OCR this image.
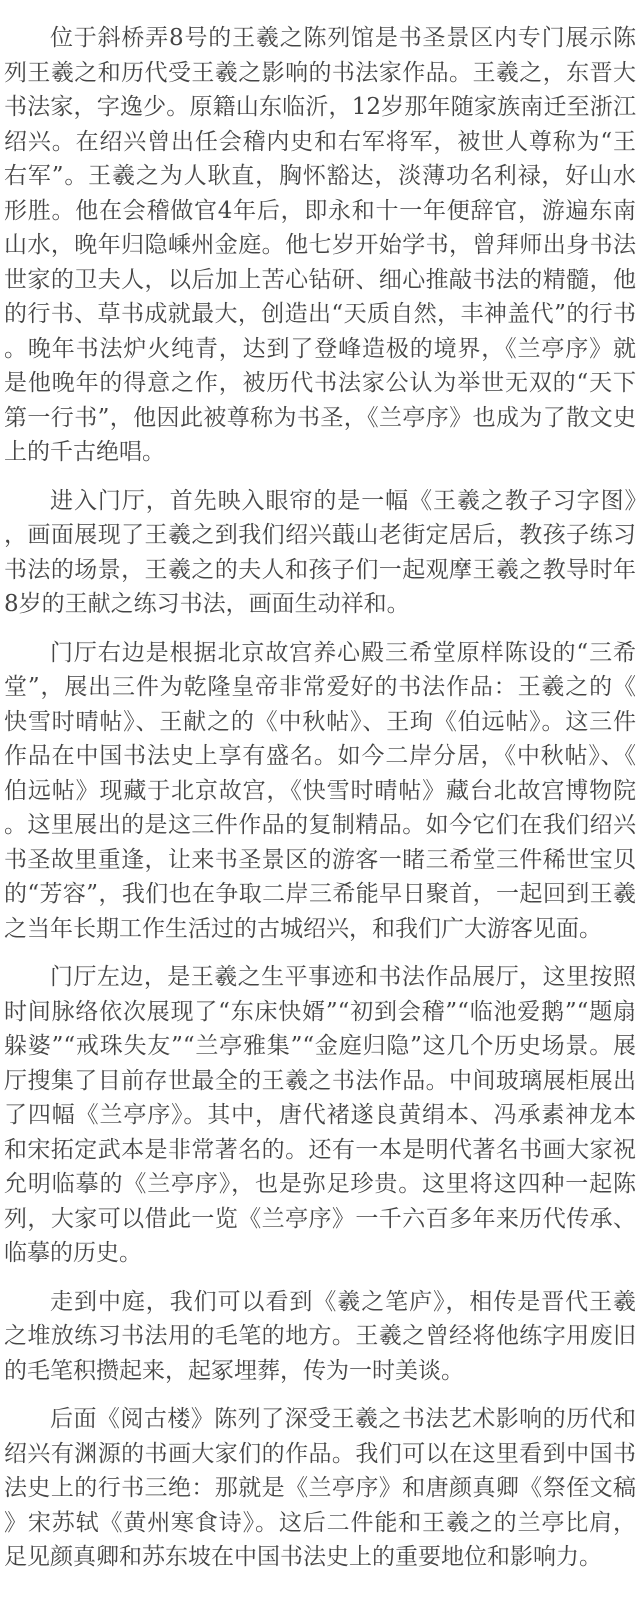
位于斜桥弄8号的王羲之陈列馆是书圣景区内专门展示陈列王羲之和历代受王羲之影响的书法家作品。王羲之，东晋大书法家，字逸少。原籍山东临沂，12岁那年随家族南迁至浙江绍兴。在绍兴曾出任会稽内史和右军将军，被世人尊称为“王右军”。王羲之为人耿直，胸怀豁达，淡薄功名利禄，好山水形胜。他在会稽做官4年后，即永和十一年便辞官，游遍东南山水，晚年归隐嵊州金庭。他七岁开始学书，曾拜师出身书法世家的卫夫人，以后加上苦心钻研、细心推敲书法的精髓，他的行书、草书成就最大，创造出“天质自然，丰神盖代”的行书。晚年书法炉火纯青，达到了登峰造极的境界，《兰亭序》就是他晚年的得意之作，被历代书法家公认为举世无双的“天下第一行书”，他因此被尊称为书圣，《兰亭序》也成为了散文史上的千古绝唱。

进入门厅，首先映入眼帘的是一幅《王羲之教子习字图》，画面展现了王羲之到我们绍兴蕺山老街定居后，教孩子练习书法的场景，王羲之的夫人和孩子们一起观摩王羲之教导时年8岁的王献之练习书法，画面生动祥和。

门厅右边是根据北京故宫养心殿三希堂原样陈设的“三希堂”，展出三件为乾隆皇帝非常爱好的书法作品：王羲之的《快雪时晴帖》、王献之的《中秋帖》、王珣《伯远帖》。这三件作品在中国书法史上享有盛名。如今二岸分居，《中秋帖》、《伯远帖》现藏于北京故宫，《快雪时晴帖》藏台北故宫博物院。这里展出的是这三件作品的复制精品。如今它们在我们绍兴书圣故里重逢，让来书圣景区的游客一睹三希堂三件稀世宝贝的“芳容”，我们也在争取二岸三希能早日聚首，一起回到王羲之当年长期工作生活过的古城绍兴，和我们广大游客见面。

门厅左边，是王羲之生平事迹和书法作品展厅，这里按照时间脉络依次展现了“东床快婿”“初到会稽”“临池爱鹅”“题扇躲婆”“戒珠失友”“兰亭雅集”“金庭归隐”这几个历史场景。展厅搜集了目前存世最全的王羲之书法作品。中间玻璃展柜展出了四幅《兰亭序》。其中，唐代褚遂良黄绢本、冯承素神龙本和宋拓定武本是非常著名的。还有一本是明代著名书画大家祝允明临摹的《兰亭序》，也是弥足珍贵。这里将这四种一起陈列，大家可以借此一览《兰亭序》一千六百多年来历代传承、临摹的历史。

走到中庭，我们可以看到《羲之笔庐》，相传是晋代王羲之堆放练习书法用的毛笔的地方。王羲之曾经将他练字用废旧的毛笔积攒起来，起冢埋葬，传为一时美谈。

后面《阅古楼》陈列了深受王羲之书法艺术影响的历代和绍兴有渊源的书画大家们的作品。我们可以在这里看到中国书法史上的行书三绝：那就是《兰亭序》和唐颜真卿《祭侄文稿》宋苏轼《黄州寒食诗》。这后二件能和王羲之的兰亭比肩，足见颜真卿和苏东坡在中国书法史上的重要地位和影响力。
